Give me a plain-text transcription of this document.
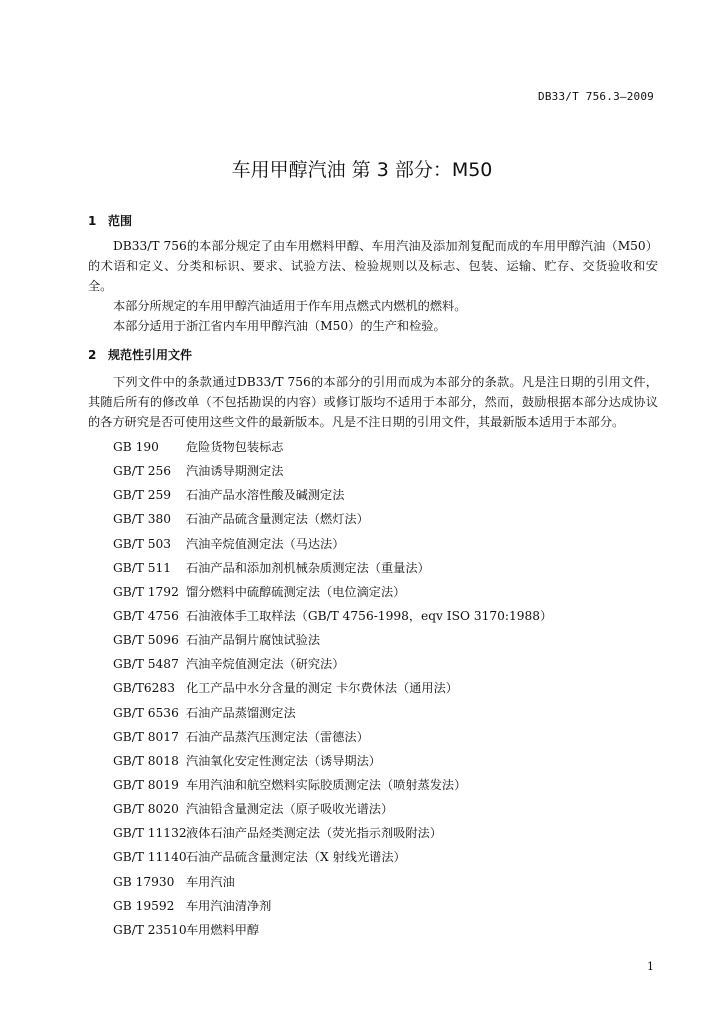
DB33/T 756.3—2009
车用甲醇汽油 第 3 部分：M50
1 范围
DB33/T 756的本部分规定了由车用燃料甲醇、车用汽油及添加剂复配而成的车用甲醇汽油（M50）的术语和定义、分类和标识、要求、试验方法、检验规则以及标志、包装、运输、贮存、交货验收和安全。
本部分所规定的车用甲醇汽油适用于作车用点燃式内燃机的燃料。
本部分适用于浙江省内车用甲醇汽油（M50）的生产和检验。
2 规范性引用文件
下列文件中的条款通过DB33/T 756的本部分的引用而成为本部分的条款。凡是注日期的引用文件，其随后所有的修改单（不包括勘误的内容）或修订版均不适用于本部分，然而，鼓励根据本部分达成协议的各方研究是否可使用这些文件的最新版本。凡是不注日期的引用文件，其最新版本适用于本部分。
GB 190 危险货物包装标志
GB/T 256 汽油诱导期测定法
GB/T 259 石油产品水溶性酸及碱测定法
GB/T 380 石油产品硫含量测定法（燃灯法）
GB/T 503 汽油辛烷值测定法（马达法）
GB/T 511 石油产品和添加剂机械杂质测定法（重量法）
GB/T 1792 馏分燃料中硫醇硫测定法（电位滴定法）
GB/T 4756 石油液体手工取样法（GB/T 4756-1998，eqv ISO 3170:1988）
GB/T 5096 石油产品铜片腐蚀试验法
GB/T 5487 汽油辛烷值测定法（研究法）
GB/T6283 化工产品中水分含量的测定 卡尔费休法（通用法）
GB/T 6536 石油产品蒸馏测定法
GB/T 8017 石油产品蒸汽压测定法（雷德法）
GB/T 8018 汽油氧化安定性测定法（诱导期法）
GB/T 8019 车用汽油和航空燃料实际胶质测定法（喷射蒸发法）
GB/T 8020 汽油铅含量测定法（原子吸收光谱法）
GB/T 11132液体石油产品烃类测定法（荧光指示剂吸附法）
GB/T 11140石油产品硫含量测定法（X 射线光谱法）
GB 17930 车用汽油
GB 19592 车用汽油清净剂
GB/T 23510车用燃料甲醇
1
